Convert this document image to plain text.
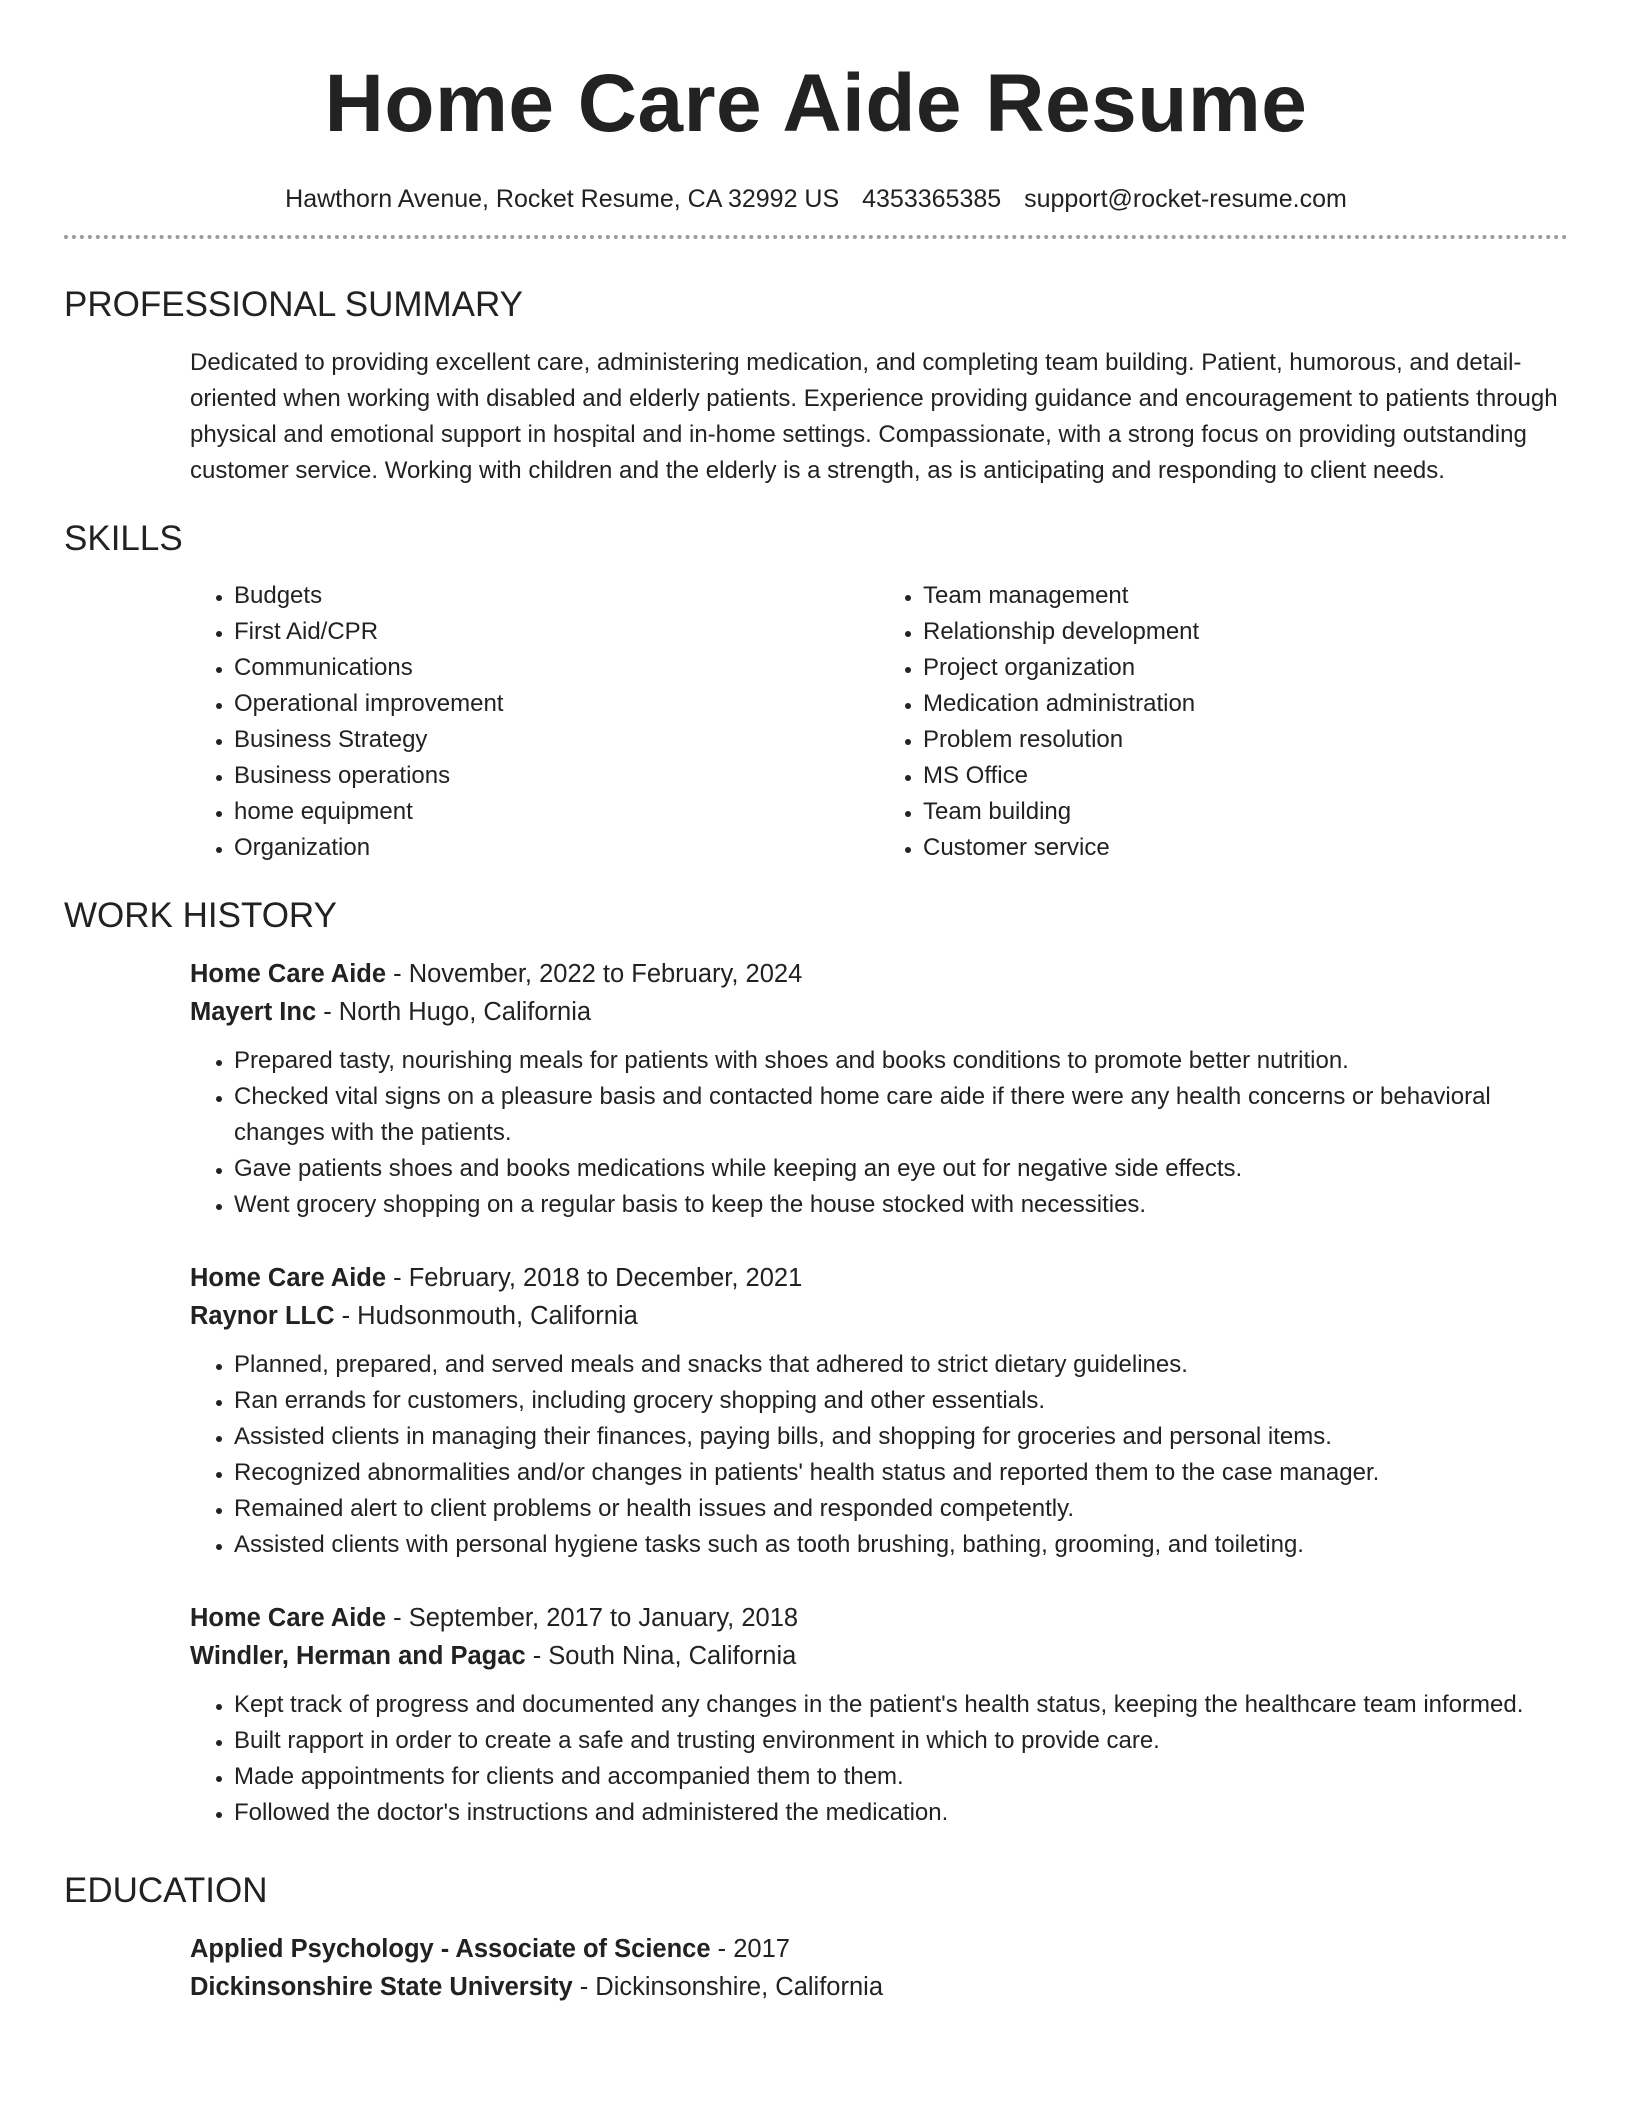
Home Care Aide Resume
Hawthorn Avenue, Rocket Resume, CA 32992 US 4353365385 support@rocket-resume.com
PROFESSIONAL SUMMARY

Dedicated to providing excellent care, administering medication, and completing team building. Patient, humorous, and detail-oriented when working with disabled and elderly patients. Experience providing guidance and encouragement to patients through physical and emotional support in hospital and in-home settings. Compassionate, with a strong focus on providing outstanding customer service. Working with children and the elderly is a strength, as is anticipating and responding to client needs.

SKILLS
• Budgets
• First Aid/CPR
• Communications
• Operational improvement
• Business Strategy
• Business operations
• home equipment
• Organization
• Team management
• Relationship development
• Project organization
• Medication administration
• Problem resolution
• MS Office
• Team building
• Customer service
WORK HISTORY
Home Care Aide - November, 2022 to February, 2024
Mayert Inc - North Hugo, California
• Prepared tasty, nourishing meals for patients with shoes and books conditions to promote better nutrition.
• Checked vital signs on a pleasure basis and contacted home care aide if there were any health concerns or behavioral changes with the patients.
• Gave patients shoes and books medications while keeping an eye out for negative side effects.
• Went grocery shopping on a regular basis to keep the house stocked with necessities.
Home Care Aide - February, 2018 to December, 2021
Raynor LLC - Hudsonmouth, California
• Planned, prepared, and served meals and snacks that adhered to strict dietary guidelines.
• Ran errands for customers, including grocery shopping and other essentials.
• Assisted clients in managing their finances, paying bills, and shopping for groceries and personal items.
• Recognized abnormalities and/or changes in patients' health status and reported them to the case manager.
• Remained alert to client problems or health issues and responded competently.
• Assisted clients with personal hygiene tasks such as tooth brushing, bathing, grooming, and toileting.
Home Care Aide - September, 2017 to January, 2018
Windler, Herman and Pagac - South Nina, California
• Kept track of progress and documented any changes in the patient's health status, keeping the healthcare team informed.
• Built rapport in order to create a safe and trusting environment in which to provide care.
• Made appointments for clients and accompanied them to them.
• Followed the doctor's instructions and administered the medication.
EDUCATION
Applied Psychology - Associate of Science - 2017
Dickinsonshire State University - Dickinsonshire, California
